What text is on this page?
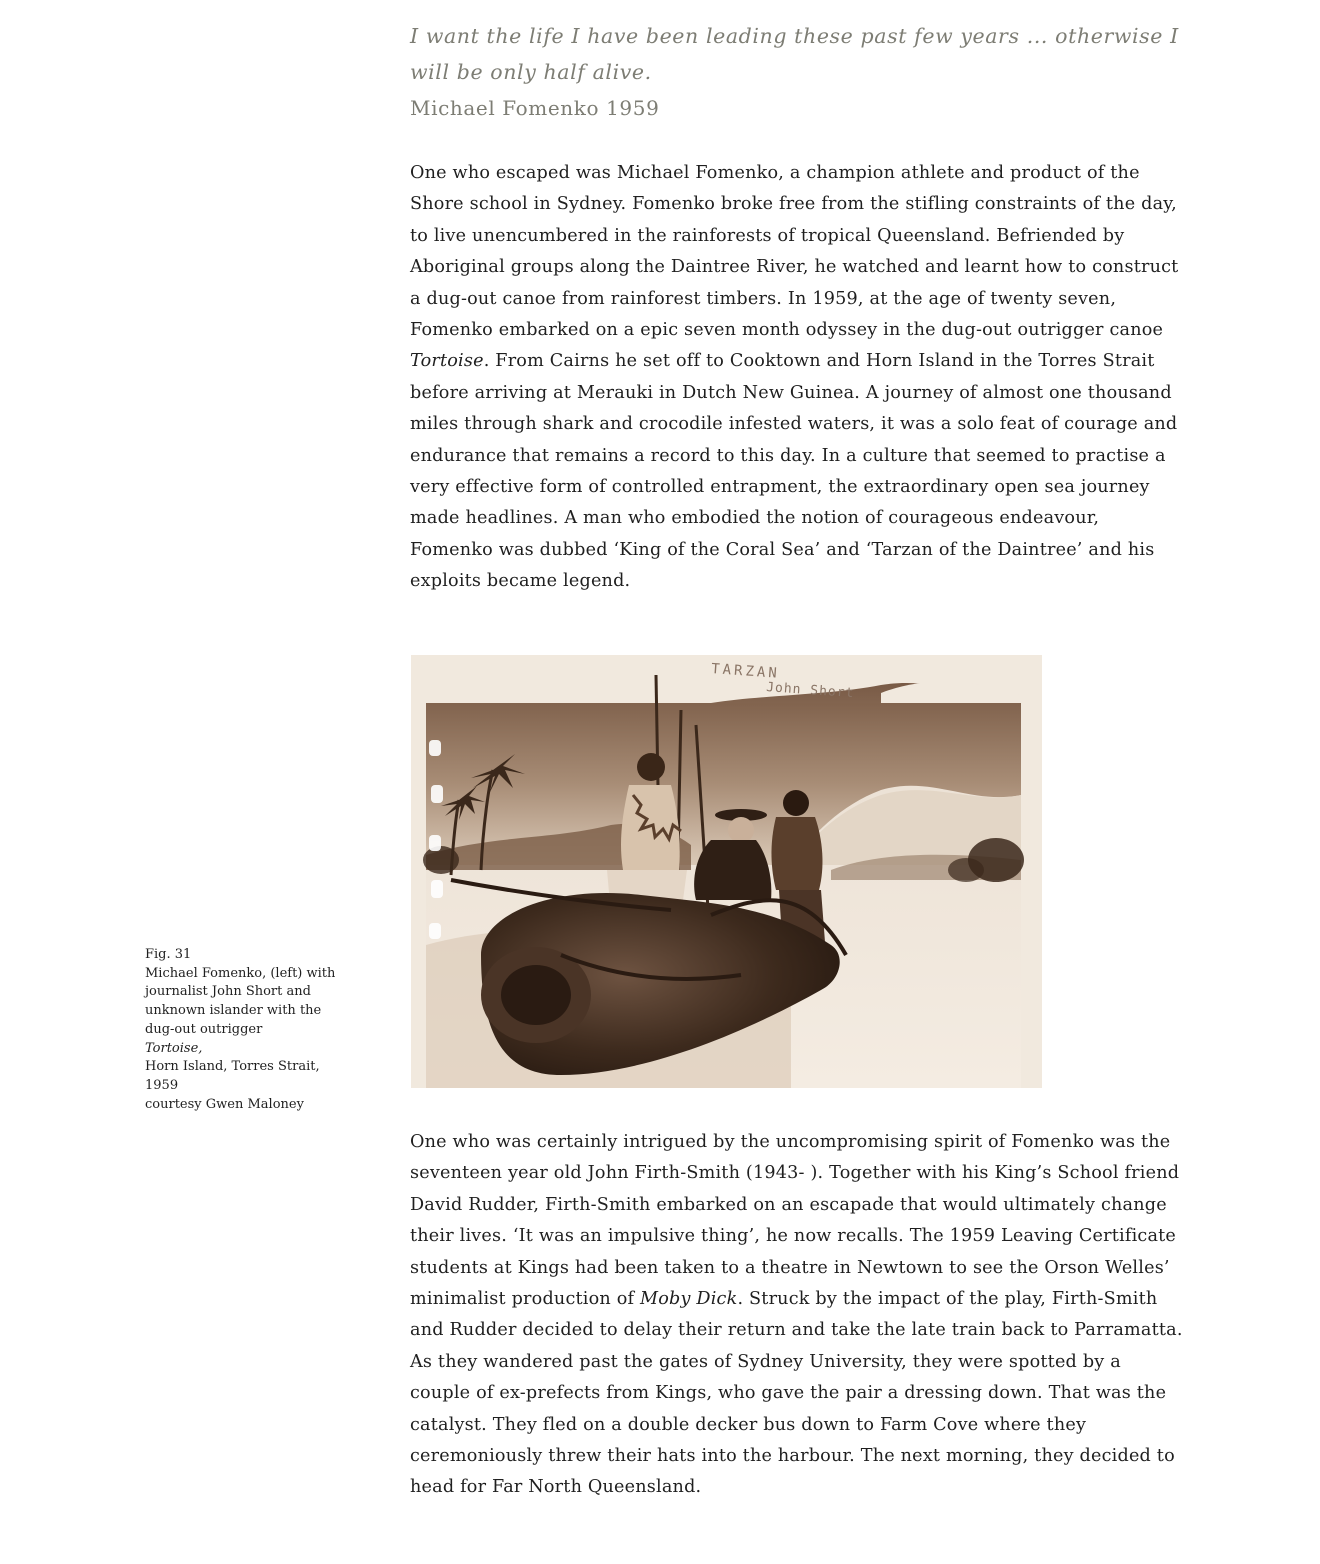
I want the life I have been leading these past few years ... otherwise I
will be only half alive.
Michael Fomenko 1959

One who escaped was Michael Fomenko, a champion athlete and product of the Shore school in Sydney. Fomenko broke free from the stifling constraints of the day, to live unencumbered in the rainforests of tropical Queensland. Befriended by Aboriginal groups along the Daintree River, he watched and learnt how to construct a dug-out canoe from rainforest timbers. In 1959, at the age of twenty seven, Fomenko embarked on a epic seven month odyssey in the dug-out outrigger canoe Tortoise. From Cairns he set off to Cooktown and Horn Island in the Torres Strait before arriving at Merauki in Dutch New Guinea. A journey of almost one thousand miles through shark and crocodile infested waters, it was a solo feat of courage and endurance that remains a record to this day. In a culture that seemed to practise a very effective form of controlled entrapment, the extraordinary open sea journey made headlines. A man who embodied the notion of courageous endeavour, Fomenko was dubbed ‘King of the Coral Sea’ and ‘Tarzan of the Daintree’ and his exploits became legend.

TARZAN
John Short
Fig. 31
Michael Fomenko, (left) with
journalist John Short and
unknown islander with the
dug-out outrigger
Tortoise,
Horn Island, Torres Strait,
1959
courtesy Gwen Maloney

One who was certainly intrigued by the uncompromising spirit of Fomenko was the seventeen year old John Firth-Smith (1943- ). Together with his King’s School friend David Rudder, Firth-Smith embarked on an escapade that would ultimately change their lives. ‘It was an impulsive thing’, he now recalls. The 1959 Leaving Certificate students at Kings had been taken to a theatre in Newtown to see the Orson Welles’ minimalist production of Moby Dick. Struck by the impact of the play, Firth-Smith and Rudder decided to delay their return and take the late train back to Parramatta. As they wandered past the gates of Sydney University, they were spotted by a couple of ex-prefects from Kings, who gave the pair a dressing down. That was the catalyst. They fled on a double decker bus down to Farm Cove where they ceremoniously threw their hats into the harbour. The next morning, they decided to head for Far North Queensland.
